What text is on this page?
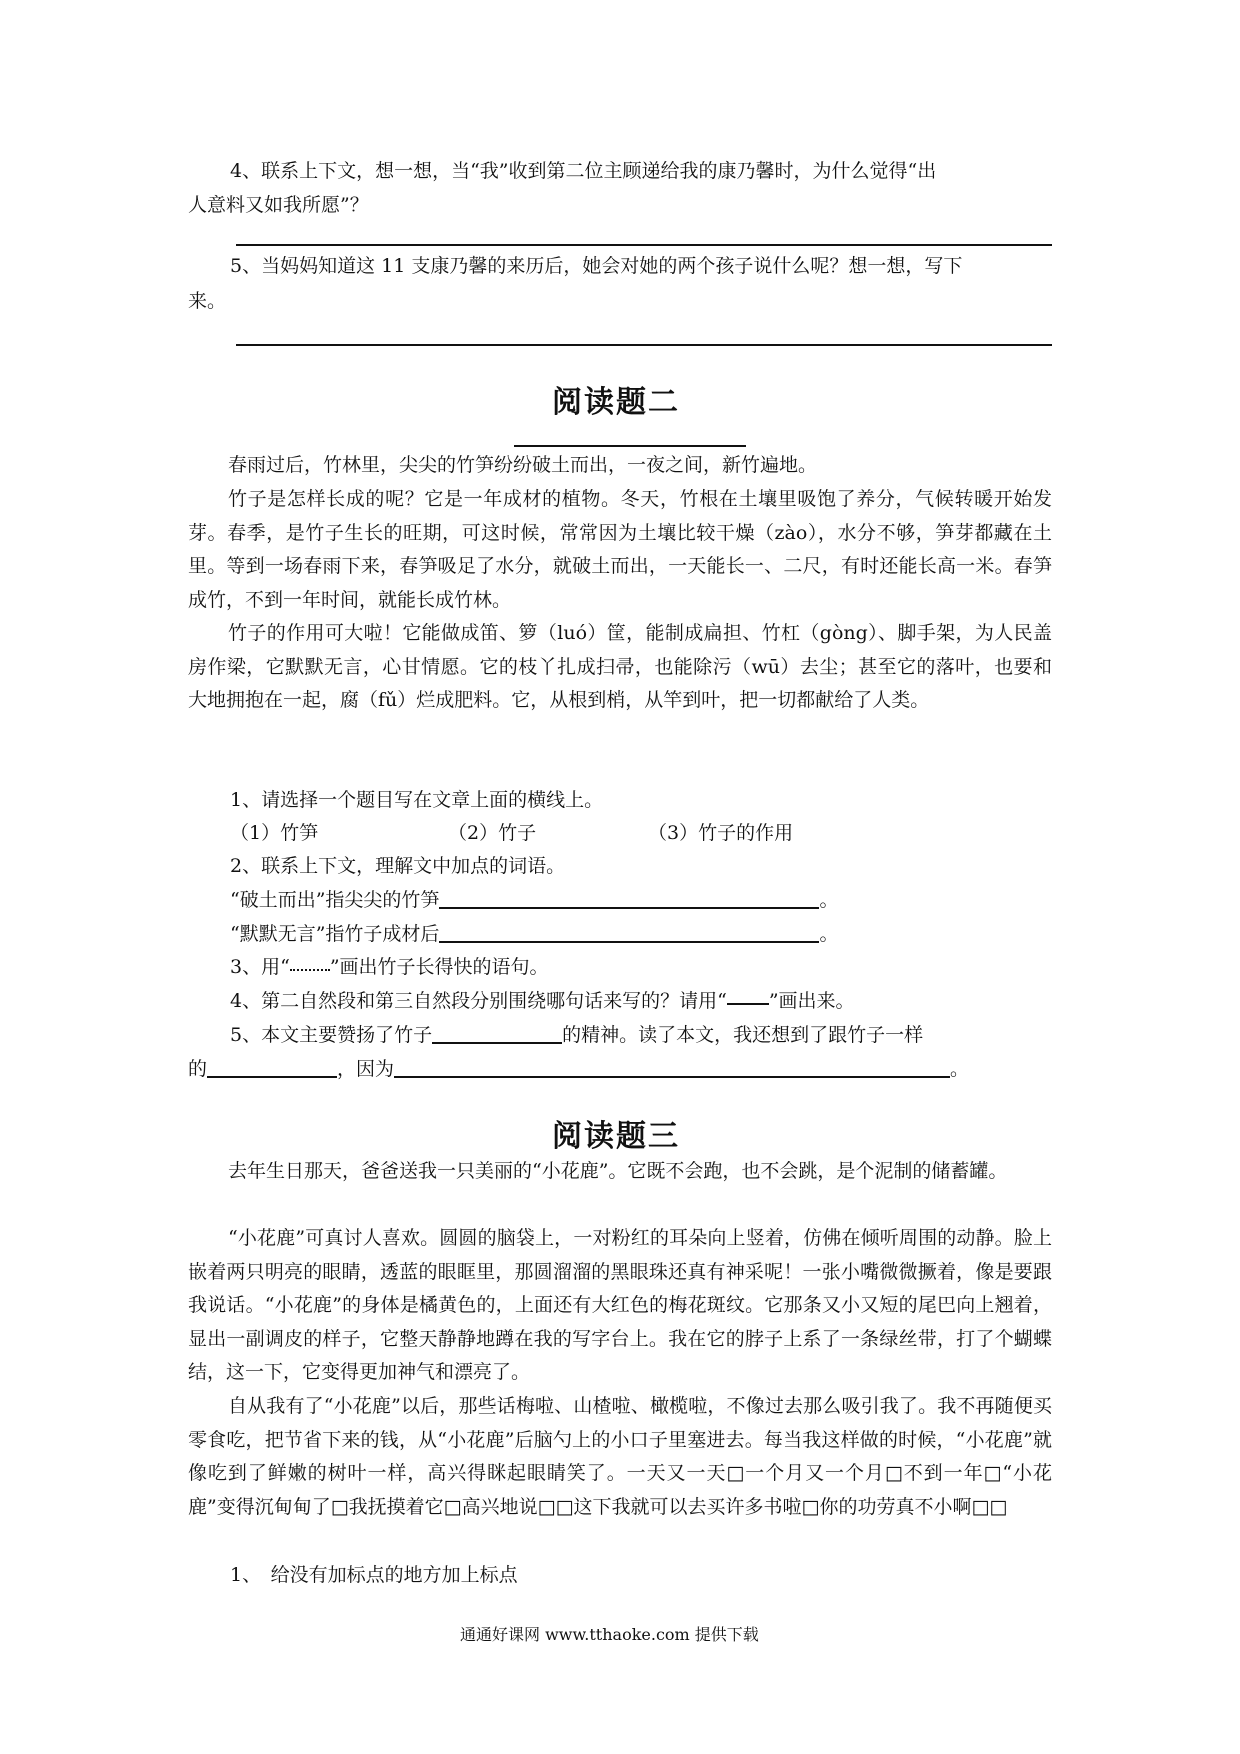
4、联系上下文，想一想，当“我”收到第二位主顾递给我的康乃馨时，为什么觉得“出
人意料又如我所愿”？
5、当妈妈知道这 11 支康乃馨的来历后，她会对她的两个孩子说什么呢？想一想，写下
来。
阅读题二
春雨过后，竹林里，尖尖的竹笋纷纷破土而出，一夜之间，新竹遍地。
竹子是怎样长成的呢？它是一年成材的植物。冬天，竹根在土壤里吸饱了养分，气候转暖开始发芽。春季，是竹子生长的旺期，可这时候，常常因为土壤比较干燥（zào），水分不够，笋芽都藏在土里。等到一场春雨下来，春笋吸足了水分，就破土而出，一天能长一、二尺，有时还能长高一米。春笋成竹，不到一年时间，就能长成竹林。
竹子的作用可大啦！它能做成笛、箩（luó）筐，能制成扁担、竹杠（gòng）、脚手架，为人民盖房作梁，它默默无言，心甘情愿。它的枝丫扎成扫帚，也能除污（wū）去尘；甚至它的落叶，也要和大地拥抱在一起，腐（fǔ）烂成肥料。它，从根到梢，从竿到叶，把一切都献给了人类。
1、请选择一个题目写在文章上面的横线上。
（1）竹笋	（2）竹子	（3）竹子的作用
2、联系上下文，理解文中加点的词语。
“破土而出”指尖尖的竹笋	。
“默默无言”指竹子成材后	。
3、用“ ”画出竹子长得快的语句。
4、第二自然段和第三自然段分别围绕哪句话来写的？请用“ ”画出来。
5、本文主要赞扬了竹子	的精神。读了本文，我还想到了跟竹子一样
的	，因为	。
阅读题三
去年生日那天，爸爸送我一只美丽的“小花鹿”。它既不会跑，也不会跳，是个泥制的储蓄罐。
“小花鹿”可真讨人喜欢。圆圆的脑袋上，一对粉红的耳朵向上竖着，仿佛在倾听周围的动静。脸上嵌着两只明亮的眼睛，透蓝的眼眶里，那圆溜溜的黑眼珠还真有神采呢！一张小嘴微微撅着，像是要跟我说话。“小花鹿”的身体是橘黄色的，上面还有大红色的梅花斑纹。它那条又小又短的尾巴向上翘着，显出一副调皮的样子，它整天静静地蹲在我的写字台上。我在它的脖子上系了一条绿丝带，打了个蝴蝶结，这一下，它变得更加神气和漂亮了。
自从我有了“小花鹿”以后，那些话梅啦、山楂啦、橄榄啦，不像过去那么吸引我了。我不再随便买零食吃，把节省下来的钱，从“小花鹿”后脑勺上的小口子里塞进去。每当我这样做的时候，“小花鹿”就像吃到了鲜嫩的树叶一样，高兴得眯起眼睛笑了。一天又一天□一个月又一个月□不到一年□“小花鹿”变得沉甸甸了□我抚摸着它□高兴地说□□这下我就可以去买许多书啦□你的功劳真不小啊□□
1、　给没有加标点的地方加上标点
通通好课网 www.tthaoke.com 提供下载
